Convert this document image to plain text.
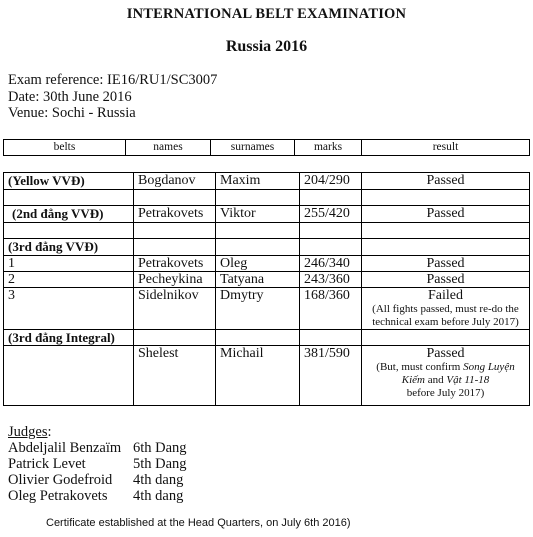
INTERNATIONAL BELT EXAMINATION
Russia 2016
Exam reference: IE16/RU1/SC3007
Date: 30th June 2016
Venue: Sochi - Russia
belts	names	surnames	marks	result
(Yellow VVĐ)	Bogdanov	Maxim	204/290	Passed

(2nd đẳng VVĐ)	Petrakovets	Viktor	255/420	Passed

(3rd đẳng VVĐ)				
1	Petrakovets	Oleg	246/340	Passed
2	Pecheykina	Tatyana	243/360	Passed
3	Sidelnikov	Dmytry	168/360	Failed
(All fights passed, must re-do the
technical exam before July 2017)

(3rd đẳng Integral)				
	Shelest	Michail	381/590	Passed
(But, must confirm Song Luyện
Kiếm and Vật 11-18
before July 2017)
Judges:
Abdeljalil Benzaïm 6th Dang
Patrick Levet	5th Dang
Olivier Godefroid 4th dang
Oleg Petrakovets 4th dang
Certificate established at the Head Quarters, on July 6th 2016)
